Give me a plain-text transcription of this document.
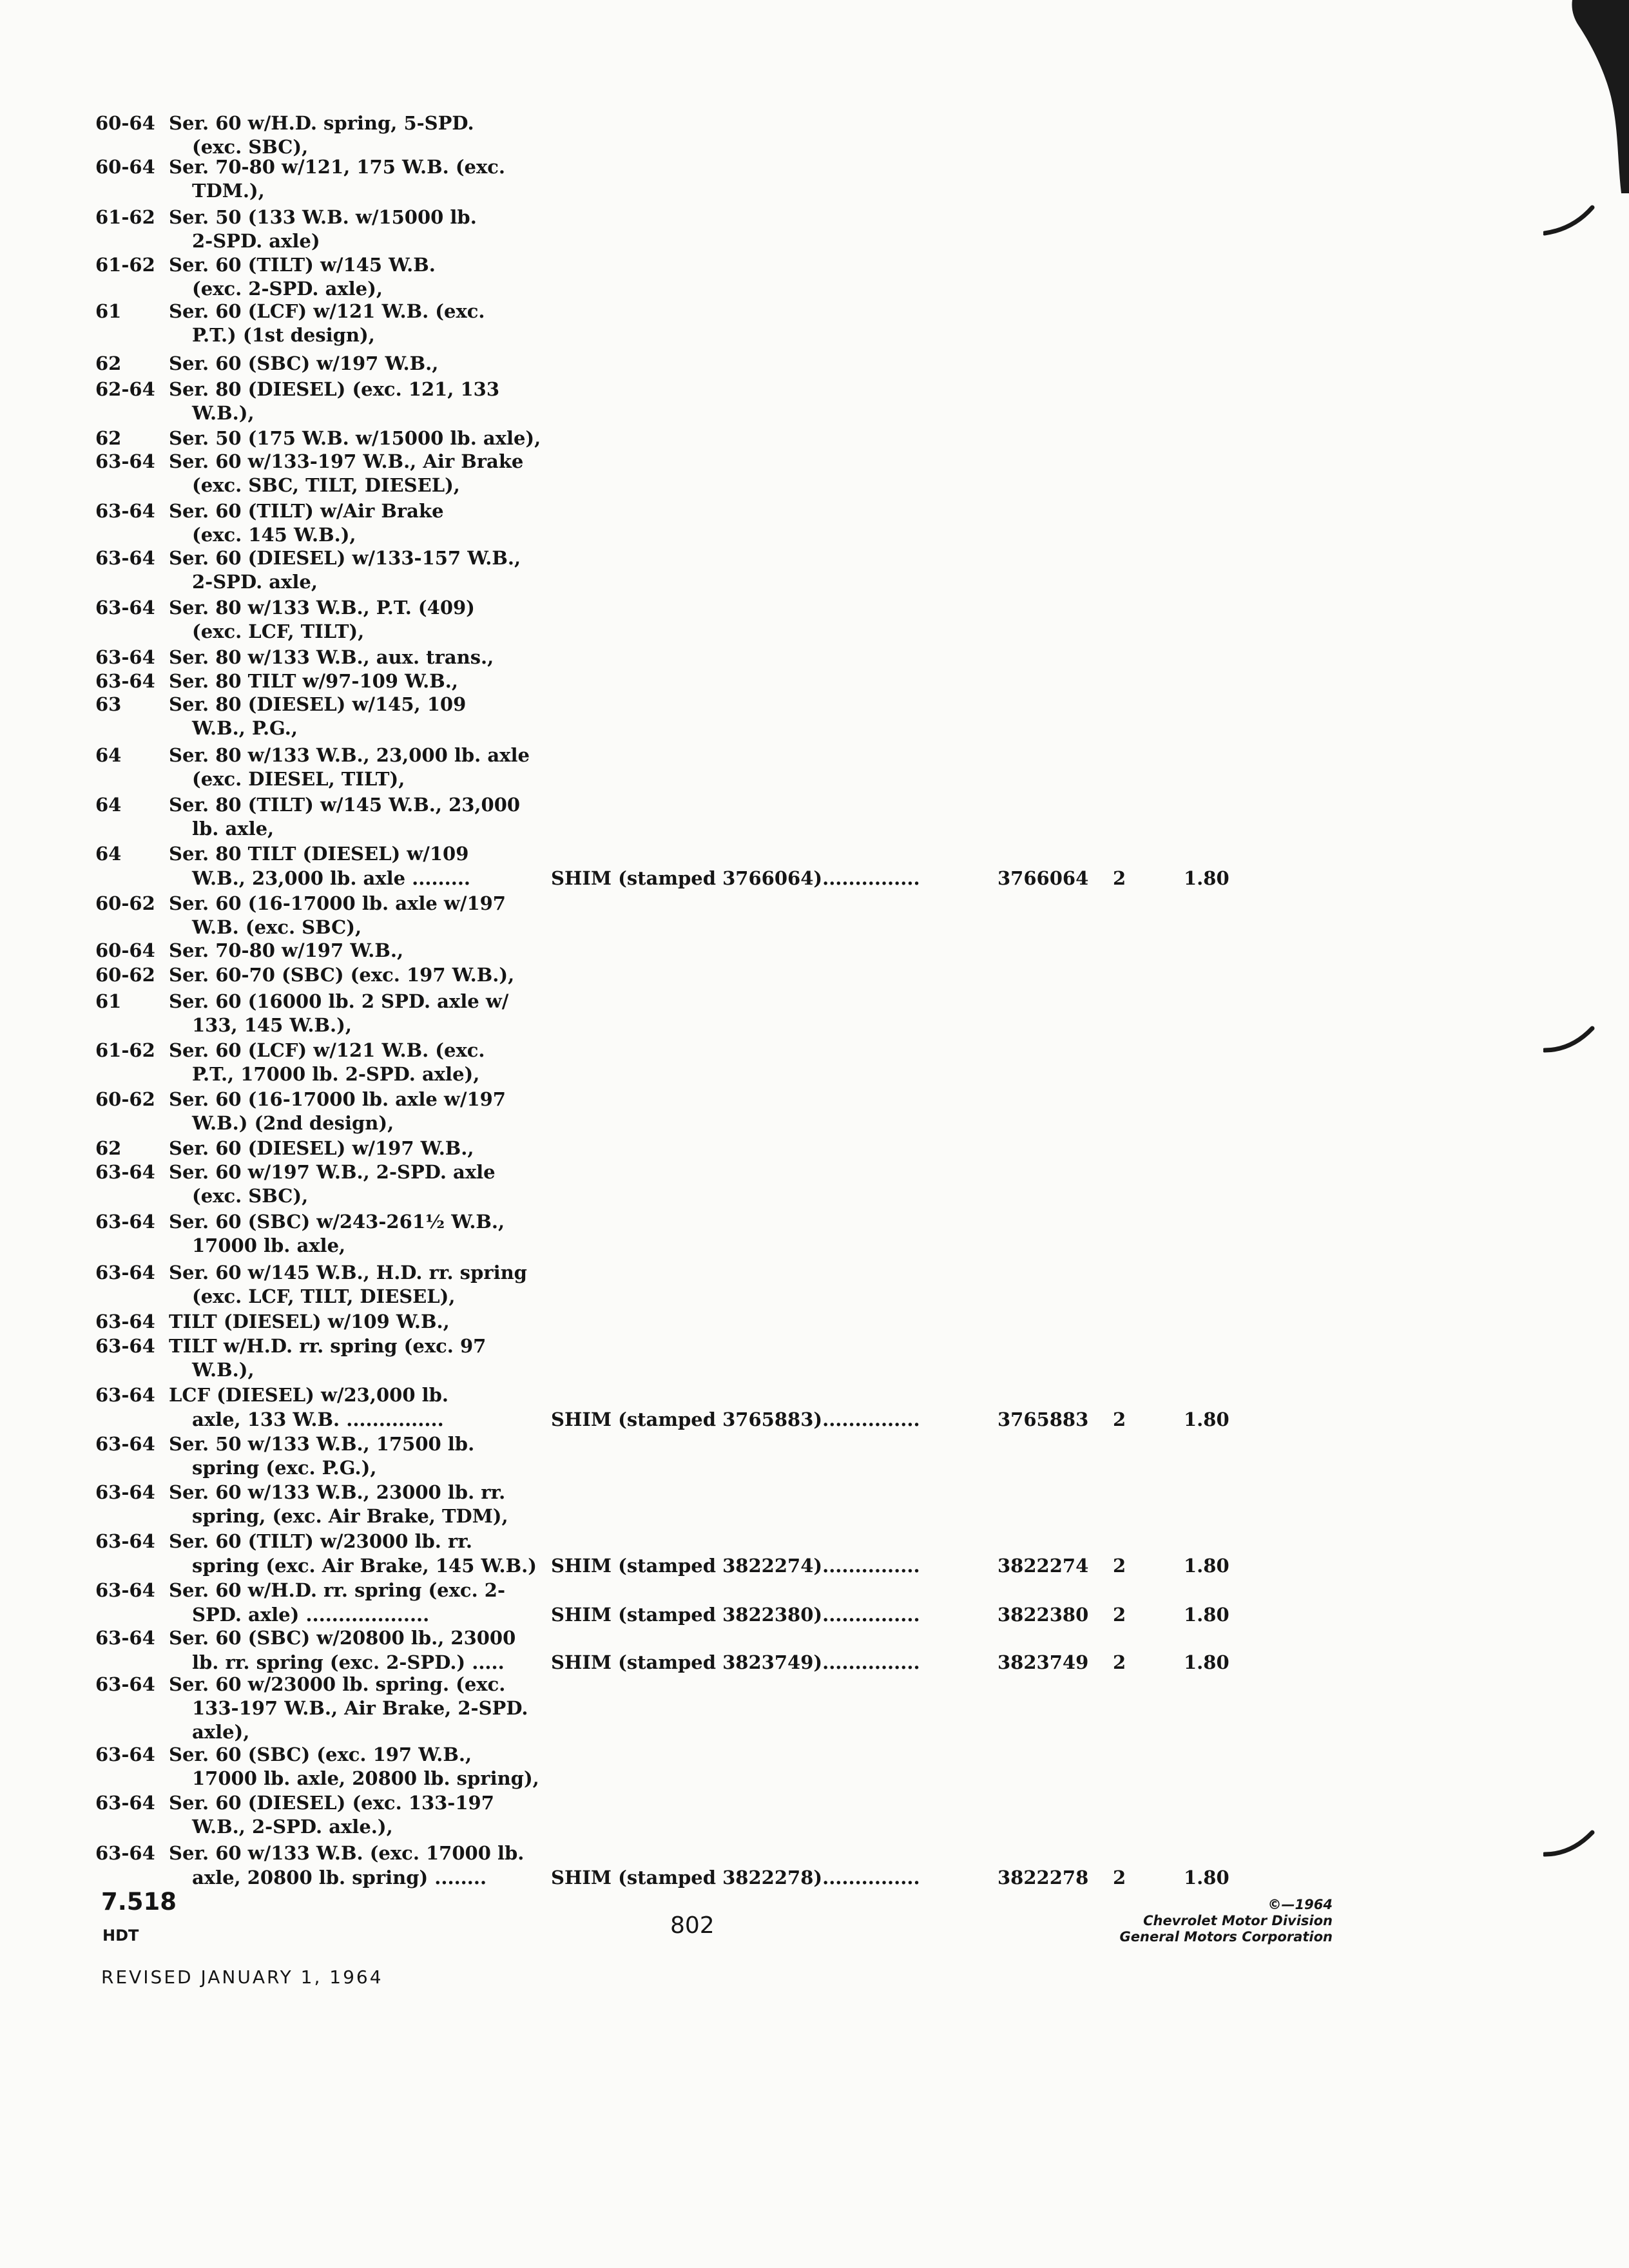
60-64 Ser. 60 w/H.D. spring, 5-SPD.
(exc. SBC),
60-64 Ser. 70-80 w/121, 175 W.B. (exc.
TDM.),
61-62 Ser. 50 (133 W.B. w/15000 lb.
2-SPD. axle)
61-62 Ser. 60 (TILT) w/145 W.B.
(exc. 2-SPD. axle),
61	Ser. 60 (LCF) w/121 W.B. (exc.
P.T.) (1st design),
62	Ser. 60 (SBC) w/197 W.B.,
62-64 Ser. 80 (DIESEL) (exc. 121, 133
W.B.),
62	Ser. 50 (175 W.B. w/15000 lb. axle),
63-64 Ser. 60 w/133-197 W.B., Air Brake
(exc. SBC, TILT, DIESEL),
63-64 Ser. 60 (TILT) w/Air Brake
(exc. 145 W.B.),
63-64 Ser. 60 (DIESEL) w/133-157 W.B.,
2-SPD. axle,
63-64 Ser. 80 w/133 W.B., P.T. (409)
(exc. LCF, TILT),
63-64 Ser. 80 w/133 W.B., aux. trans.,
63-64 Ser. 80 TILT w/97-109 W.B.,
63	Ser. 80 (DIESEL) w/145, 109
W.B., P.G.,
64	Ser. 80 w/133 W.B., 23,000 lb. axle
(exc. DIESEL, TILT),
64	Ser. 80 (TILT) w/145 W.B., 23,000
lb. axle,
64	Ser. 80 TILT (DIESEL) w/109
W.B., 23,000 lb. axle .........	SHIM (stamped 3766064)...............	3766064 2	1.80
60-62 Ser. 60 (16-17000 lb. axle w/197
W.B. (exc. SBC),
60-64 Ser. 70-80 w/197 W.B.,
60-62 Ser. 60-70 (SBC) (exc. 197 W.B.),
61	Ser. 60 (16000 lb. 2 SPD. axle w/
133, 145 W.B.),
61-62 Ser. 60 (LCF) w/121 W.B. (exc.
P.T., 17000 lb. 2-SPD. axle),
60-62 Ser. 60 (16-17000 lb. axle w/197
W.B.) (2nd design),
62	Ser. 60 (DIESEL) w/197 W.B.,
63-64 Ser. 60 w/197 W.B., 2-SPD. axle
(exc. SBC),
63-64 Ser. 60 (SBC) w/243-261½ W.B.,
17000 lb. axle,
63-64 Ser. 60 w/145 W.B., H.D. rr. spring
(exc. LCF, TILT, DIESEL),
63-64 TILT (DIESEL) w/109 W.B.,
63-64 TILT w/H.D. rr. spring (exc. 97
W.B.),
63-64 LCF (DIESEL) w/23,000 lb.
axle, 133 W.B. ...............	SHIM (stamped 3765883)...............	3765883 2	1.80
63-64 Ser. 50 w/133 W.B., 17500 lb.
spring (exc. P.G.),
63-64 Ser. 60 w/133 W.B., 23000 lb. rr.
spring, (exc. Air Brake, TDM),
63-64 Ser. 60 (TILT) w/23000 lb. rr.
spring (exc. Air Brake, 145 W.B.) SHIM (stamped 3822274)...............	3822274 2	1.80
63-64 Ser. 60 w/H.D. rr. spring (exc. 2-
SPD. axle) ...................	SHIM (stamped 3822380)...............	3822380 2	1.80
63-64 Ser. 60 (SBC) w/20800 lb., 23000
lb. rr. spring (exc. 2-SPD.) ..... SHIM (stamped 3823749)...............	3823749 2	1.80
63-64 Ser. 60 w/23000 lb. spring. (exc.
133-197 W.B., Air Brake, 2-SPD.
axle),
63-64 Ser. 60 (SBC) (exc. 197 W.B.,
17000 lb. axle, 20800 lb. spring),
63-64 Ser. 60 (DIESEL) (exc. 133-197
W.B., 2-SPD. axle.),
63-64 Ser. 60 w/133 W.B. (exc. 17000 lb.
axle, 20800 lb. spring) ........	SHIM (stamped 3822278)...............	3822278 2	1.80
7.518
HDT	802
©—1964
Chevrolet Motor Division
General Motors Corporation
REVISED JANUARY 1, 1964
